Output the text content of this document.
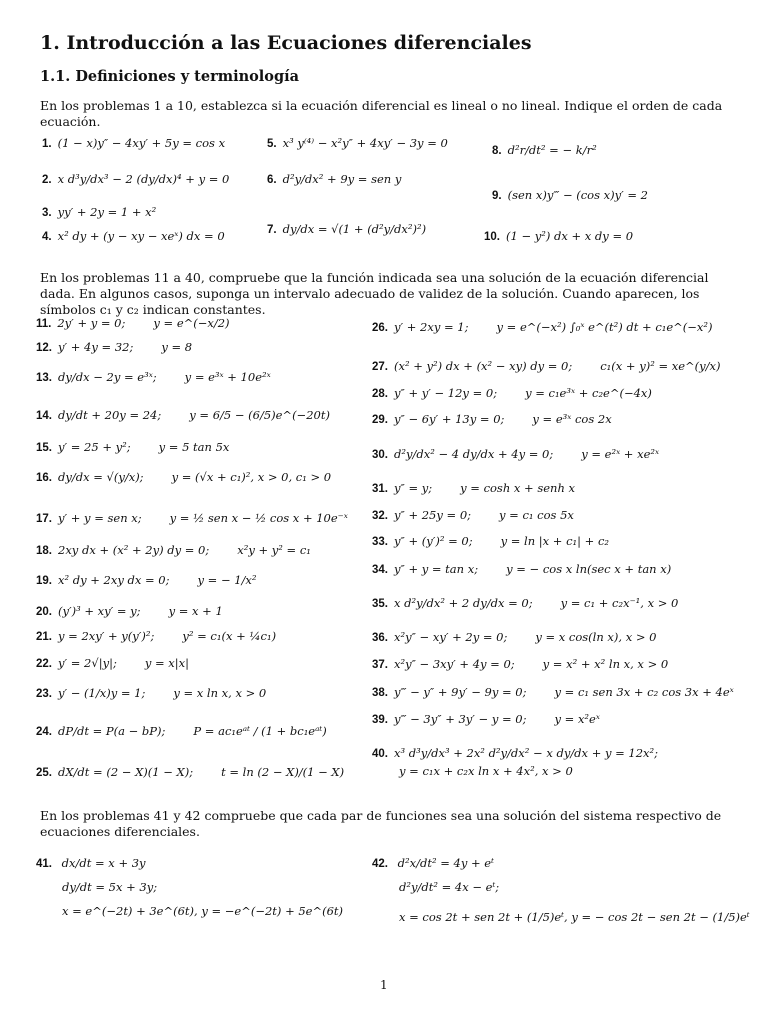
1. Introducción a las Ecuaciones diferenciales
1.1. Definiciones y terminología
En los problemas 1 a 10, establezca si la ecuación diferencial es lineal o no lineal. Indique el orden de cada ecuación.
1. (1 − x)y″ − 4xy′ + 5y = cos x
2. x d³y/dx³ − 2 (dy/dx)⁴ + y = 0
3. yy′ + 2y = 1 + x²
4. x² dy + (y − xy − xeˣ) dx = 0
5. x³ y⁽⁴⁾ − x²y″ + 4xy′ − 3y = 0
6. d²y/dx² + 9y = sen y
7. dy/dx = √(1 + (d²y/dx²)²)
8. d²r/dt² = − k/r²
9. (sen x)y‴ − (cos x)y′ = 2
10. (1 − y²) dx + x dy = 0
En los problemas 11 a 40, compruebe que la función indicada sea una solución de la ecuación diferencial dada. En algunos casos, suponga un intervalo adecuado de validez de la solución. Cuando aparecen, los símbolos c₁ y c₂ indican constantes.
11. 2y′ + y = 0; y = e^(−x/2)
12. y′ + 4y = 32; y = 8
13. dy/dx − 2y = e³ˣ; y = e³ˣ + 10e²ˣ
14. dy/dt + 20y = 24; y = 6/5 − (6/5)e^(−20t)
15. y′ = 25 + y²; y = 5 tan 5x
16. dy/dx = √(y/x); y = (√x + c₁)², x > 0, c₁ > 0
17. y′ + y = sen x; y = ½ sen x − ½ cos x + 10e⁻ˣ
18. 2xy dx + (x² + 2y) dy = 0; x²y + y² = c₁
19. x² dy + 2xy dx = 0; y = − 1/x²
20. (y′)³ + xy′ = y; y = x + 1
21. y = 2xy′ + y(y′)²; y² = c₁(x + ¼c₁)
22. y′ = 2√|y|; y = x|x|
23. y′ − (1/x)y = 1; y = x ln x, x > 0
24. dP/dt = P(a − bP); P = ac₁eᵃᵗ / (1 + bc₁eᵃᵗ)
25. dX/dt = (2 − X)(1 − X); t = ln (2 − X)/(1 − X)
26. y′ + 2xy = 1; y = e^(−x²) ∫₀ˣ e^(t²) dt + c₁e^(−x²)
27. (x² + y²) dx + (x² − xy) dy = 0; c₁(x + y)² = xe^(y/x)
28. y″ + y′ − 12y = 0; y = c₁e³ˣ + c₂e^(−4x)
29. y″ − 6y′ + 13y = 0; y = e³ˣ cos 2x
30. d²y/dx² − 4 dy/dx + 4y = 0; y = e²ˣ + xe²ˣ
31. y″ = y; y = cosh x + senh x
32. y″ + 25y = 0; y = c₁ cos 5x
33. y″ + (y′)² = 0; y = ln |x + c₁| + c₂
34. y″ + y = tan x; y = − cos x ln(sec x + tan x)
35. x d²y/dx² + 2 dy/dx = 0; y = c₁ + c₂x⁻¹, x > 0
36. x²y″ − xy′ + 2y = 0; y = x cos(ln x), x > 0
37. x²y″ − 3xy′ + 4y = 0; y = x² + x² ln x, x > 0
38. y‴ − y″ + 9y′ − 9y = 0; y = c₁ sen 3x + c₂ cos 3x + 4eˣ
39. y‴ − 3y″ + 3y′ − y = 0; y = x²eˣ
40. x³ d³y/dx³ + 2x² d²y/dx² − x dy/dx + y = 12x²;
y = c₁x + c₂x ln x + 4x², x > 0
En los problemas 41 y 42 compruebe que cada par de funciones sea una solución del sistema respectivo de ecuaciones diferenciales.
41. dx/dt = x + 3y
dy/dt = 5x + 3y;
x = e^(−2t) + 3e^(6t), y = −e^(−2t) + 5e^(6t)
42. d²x/dt² = 4y + eᵗ
d²y/dt² = 4x − eᵗ;
x = cos 2t + sen 2t + (1/5)eᵗ, y = − cos 2t − sen 2t − (1/5)eᵗ
1
